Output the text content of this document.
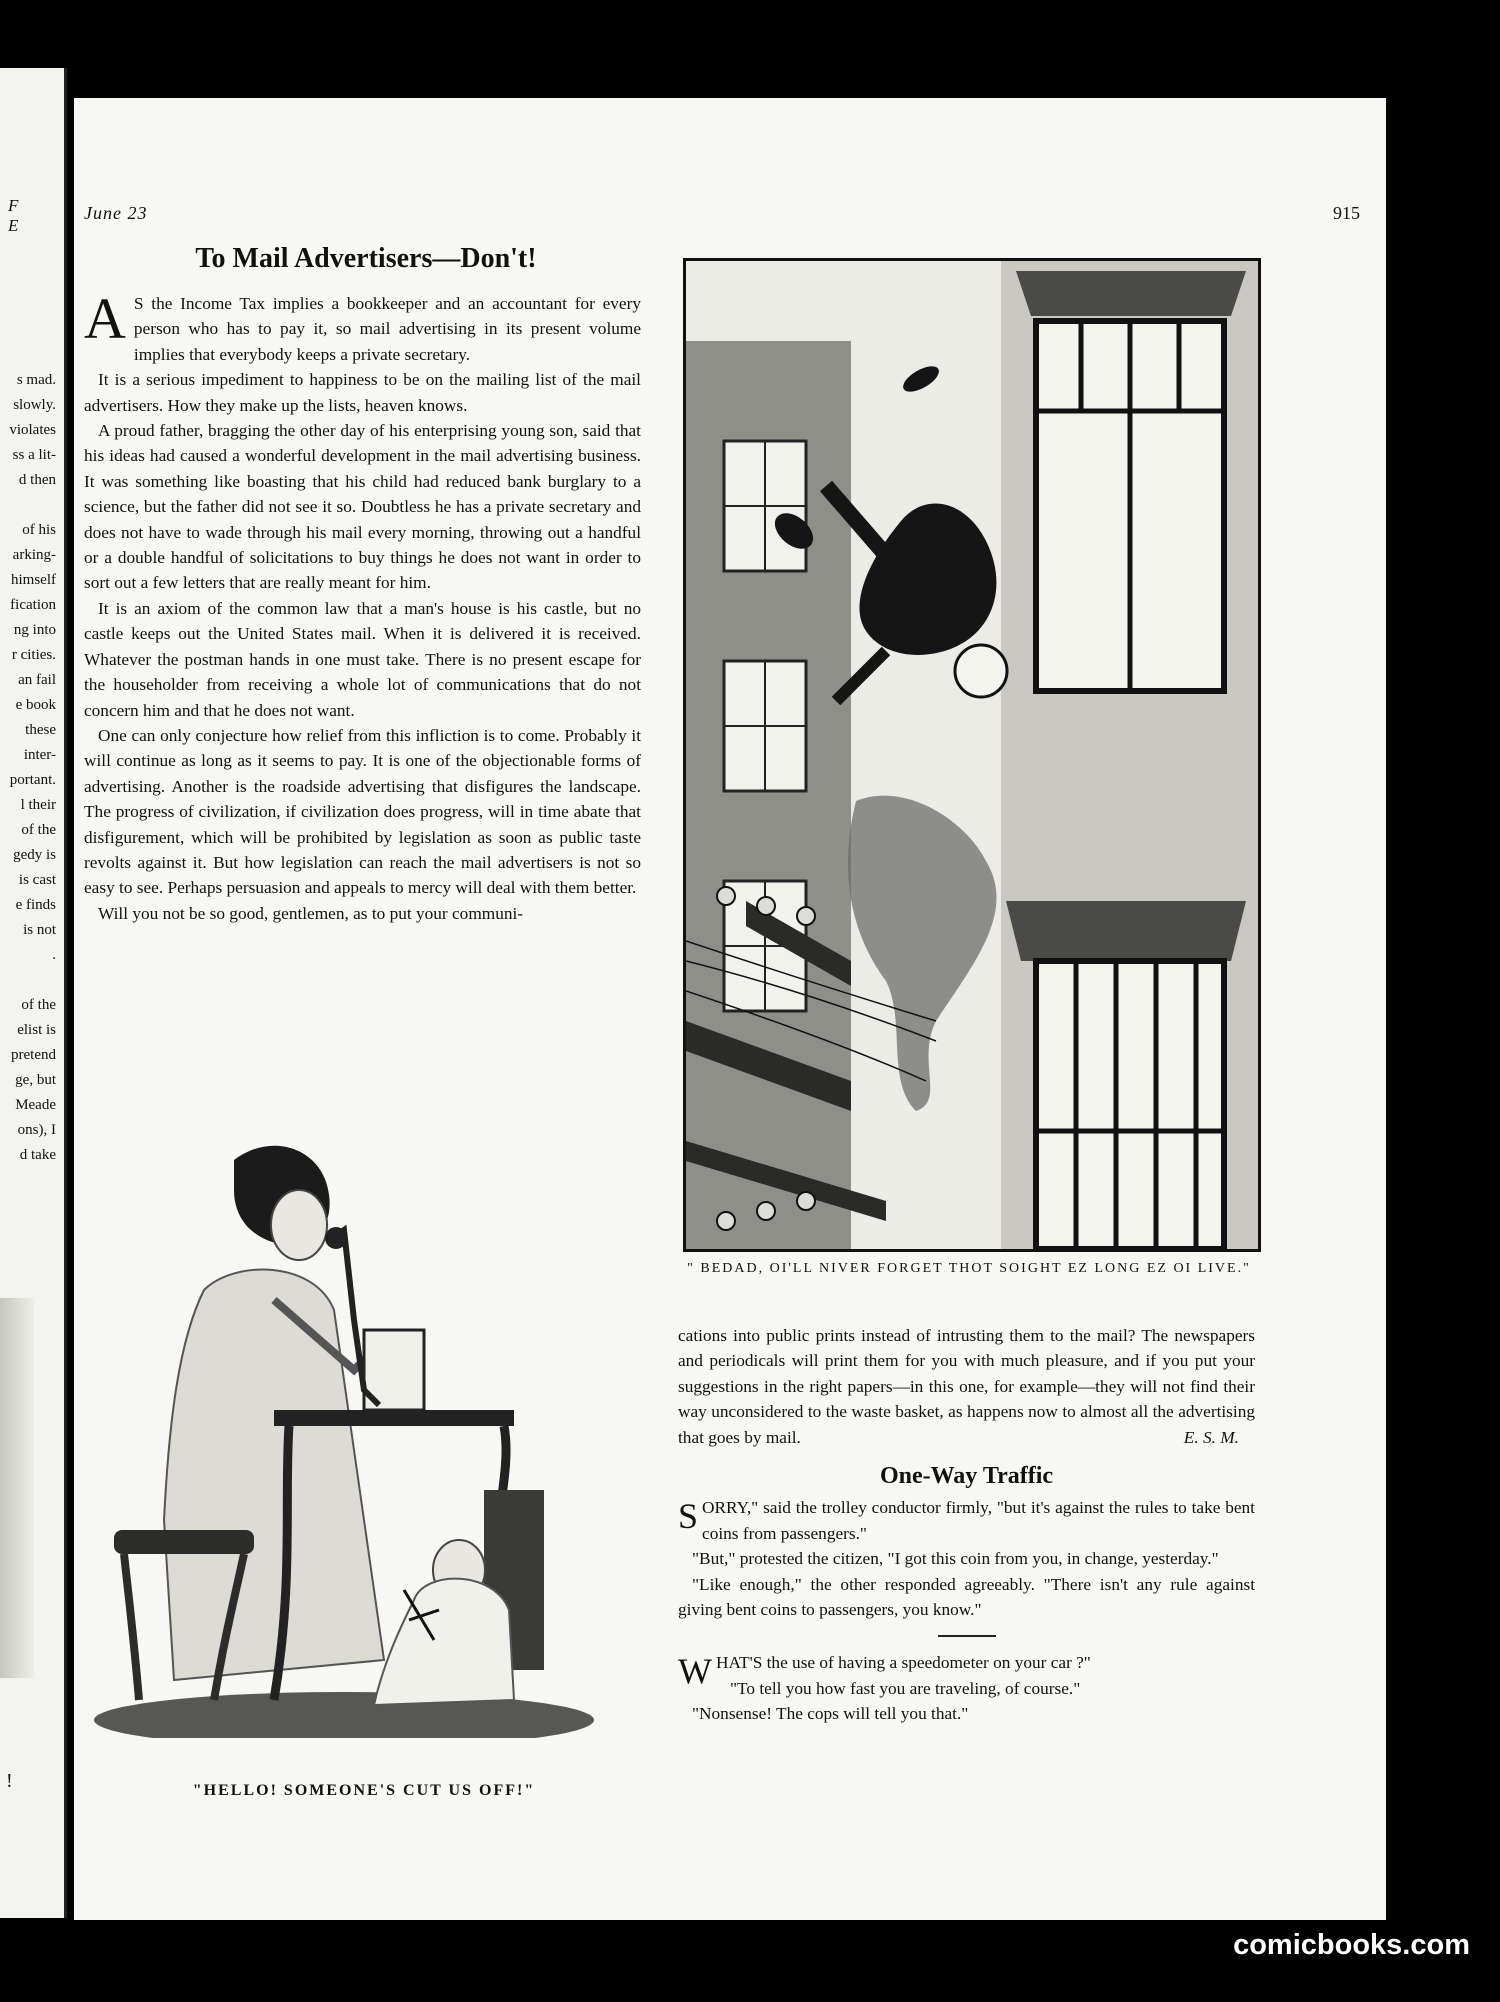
F E
s mad.
slowly.
violates
ss a lit-
d then
of his
arking-
himself
fication
ng into
r cities.
an fail
e book
these
inter-
portant.
l their
of the
gedy is
is cast
e finds
is not
.
of the
elist is
pretend
ge, but
Meade
ons), I
d take
!
June 23	915
To Mail Advertisers—Don't!

A S the Income Tax implies a bookkeeper and an accountant for every person who has to pay it, so mail advertising in its present volume implies that everybody keeps a private secretary.

It is a serious impediment to happiness to be on the mailing list of the mail advertisers. How they make up the lists, heaven knows.

A proud father, bragging the other day of his enterprising young son, said that his ideas had caused a wonderful development in the mail advertising business. It was something like boasting that his child had reduced bank burglary to a science, but the father did not see it so. Doubtless he has a private secretary and does not have to wade through his mail every morning, throwing out a handful or a double handful of solicitations to buy things he does not want in order to sort out a few letters that are really meant for him.

It is an axiom of the common law that a man's house is his castle, but no castle keeps out the United States mail. When it is delivered it is received. Whatever the postman hands in one must take. There is no present escape for the householder from receiving a whole lot of communications that do not concern him and that he does not want.

One can only conjecture how relief from this infliction is to come. Probably it will continue as long as it seems to pay. It is one of the objectionable forms of advertising. Another is the roadside advertising that disfigures the landscape. The progress of civilization, if civilization does progress, will in time abate that disfigurement, which will be prohibited by legislation as soon as public taste revolts against it. But how legislation can reach the mail advertisers is not so easy to see. Perhaps persuasion and appeals to mercy will deal with them better.

Will you not be so good, gentlemen, as to put your communi-

" BEDAD, OI'LL NIVER FORGET THOT SOIGHT EZ LONG EZ OI LIVE."
"HELLO! SOMEONE'S CUT US OFF!"

cations into public prints instead of intrusting them to the mail? The newspapers and periodicals will print them for you with much pleasure, and if you put your suggestions in the right papers—in this one, for example—they will not find their way unconsidered to the waste basket, as happens now to almost all the advertising that goes by mail.	E. S. M.

One-Way Traffic

SORRY," said the trolley conductor firmly, "but it's against the rules to take bent coins from passengers."

"But," protested the citizen, "I got this coin from you, in change, yesterday."

"Like enough," the other responded agreeably. "There isn't any rule against giving bent coins to passengers, you know."

WHAT'S the use of having a speedometer on your car ?"

"To tell you how fast you are traveling, of course."

"Nonsense! The cops will tell you that."

comicbooks.com
